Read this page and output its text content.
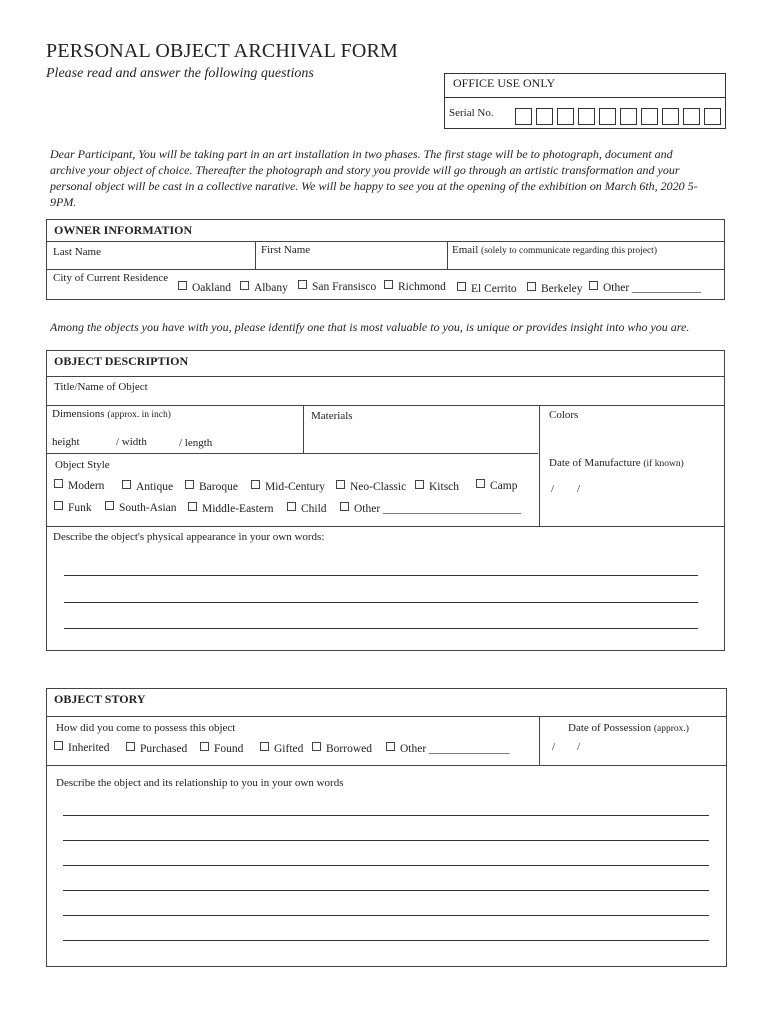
PERSONAL OBJECT ARCHIVAL FORM
Please read and answer the following questions
OFFICE USE ONLY
Serial No.
Dear Participant, You will be taking part in an art installation in two phases. The first stage will be to photograph, document and archive your object of choice. Thereafter the photograph and story you provide will go through an artistic transformation and your personal object will be cast in a collective narative. We will be happy to see you at the opening of the exhibition on March 6th, 2020 5-9PM.
OWNER INFORMATION
Last Name	First Name	Email (solely to communicate regarding this project)
City of Current Residence
Oakland	Albany	San Fransisco	Richmond	El Cerrito	Berkeley	Other ____________
Among the objects you have with you, please identify one that is most valuable to you, is unique or provides insight into who you are.
OBJECT DESCRIPTION
Title/Name of Object
Dimensions (approx. in inch)
height	/ width	/ length
Materials	Colors
Object Style
Modern	Antique	Baroque	Mid-Century	Neo-Classic	Kitsch	Camp
Funk	South-Asian	Middle-Eastern	Child	Other ________________________
Date of Manufacture (if known)
/ /
Describe the object's physical appearance in your own words:
OBJECT STORY
How did you come to possess this object
Inherited	Purchased	Found	Gifted	Borrowed	Other ______________
Date of Possession (approx.)
/ /
Describe the object and its relationship to you in your own words
